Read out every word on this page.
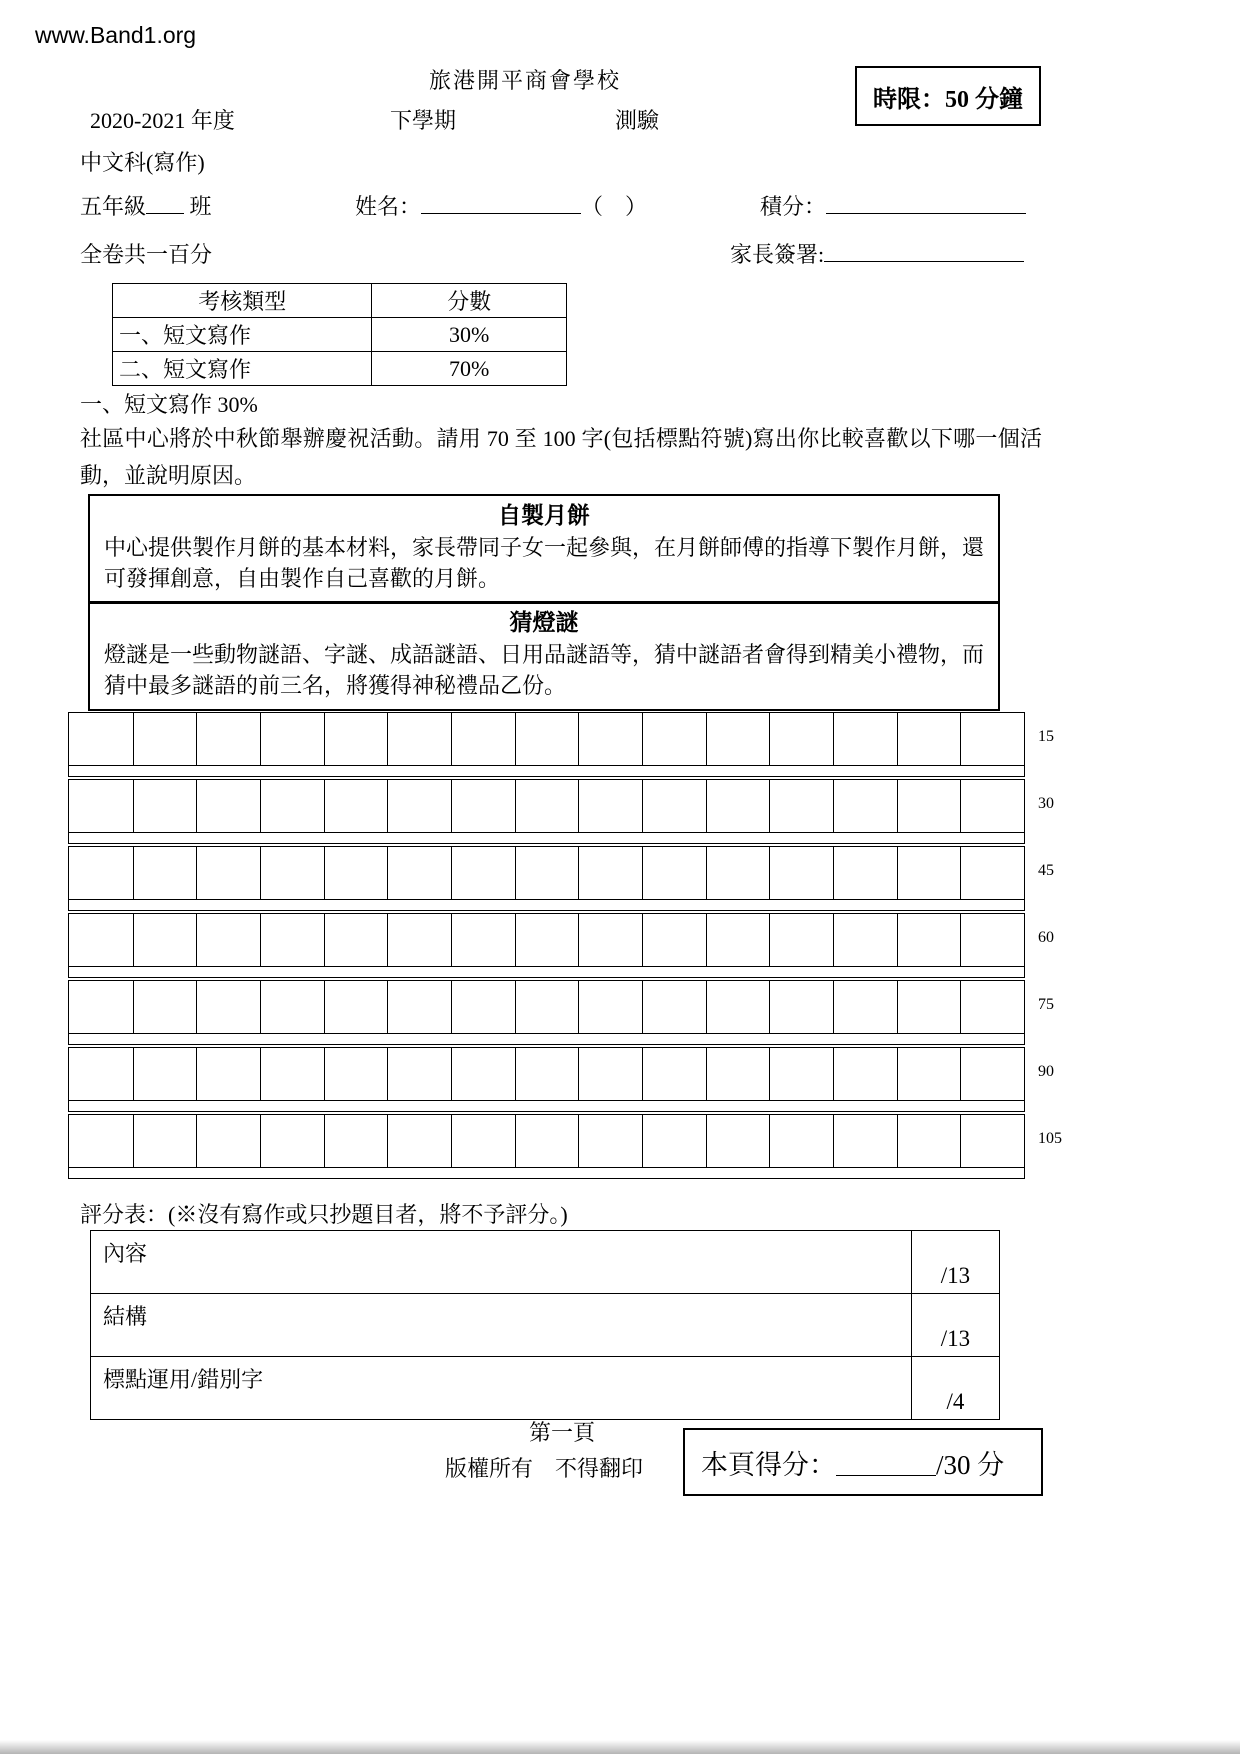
www.Band1.org
旅港開平商會學校
時限：50 分鐘
2020-2021 年度	下學期	測驗
中文科(寫作)
五年級 班	姓名：	（　）	積分：
全卷共一百分	家長簽署:
考核類型	分數
一、短文寫作	30%
二、短文寫作	70%
一、短文寫作 30%
社區中心將於中秋節舉辦慶祝活動。請用 70 至 100 字(包括標點符號)寫出你比較喜歡以下哪一個活動，並說明原因。
自製月餅
中心提供製作月餅的基本材料，家長帶同子女一起參與，在月餅師傅的指導下製作月餅，還可發揮創意，自由製作自己喜歡的月餅。
猜燈謎
燈謎是一些動物謎語、字謎、成語謎語、日用品謎語等，猜中謎語者會得到精美小禮物，而猜中最多謎語的前三名，將獲得神秘禮品乙份。
15
30
45
60
75
90
105
評分表：(※沒有寫作或只抄題目者，將不予評分。)
內容	/13
結構	/13
標點運用/錯別字	/4
第一頁
版權所有　不得翻印 本頁得分：	/30 分
